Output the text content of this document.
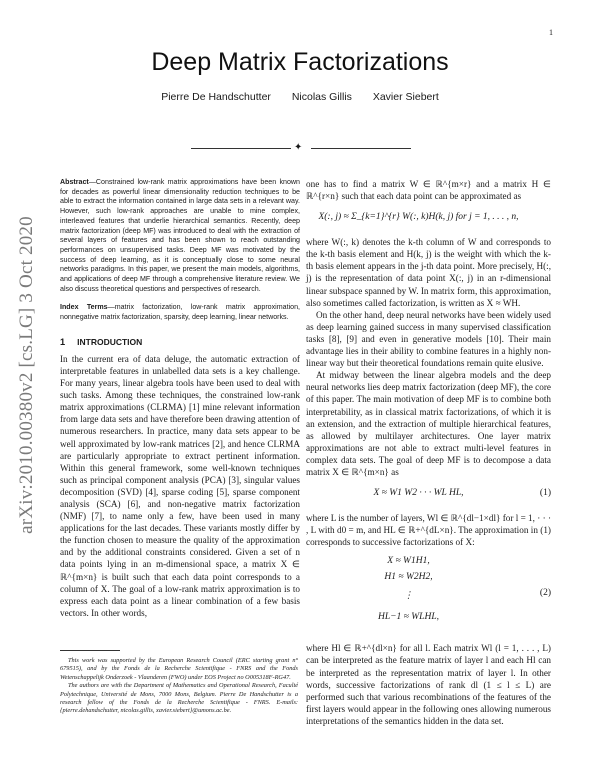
1
arXiv:2010.00380v2 [cs.LG] 3 Oct 2020
Deep Matrix Factorizations
Pierre De Handschutter Nicolas Gillis Xavier Siebert
✦
Abstract—Constrained low-rank matrix approximations have been known for decades as powerful linear dimensionality reduction techniques to be able to extract the information contained in large data sets in a relevant way. However, such low-rank approaches are unable to mine complex, interleaved features that underlie hierarchical semantics. Recently, deep matrix factorization (deep MF) was introduced to deal with the extraction of several layers of features and has been shown to reach outstanding performances on unsupervised tasks. Deep MF was motivated by the success of deep learning, as it is conceptually close to some neural networks paradigms. In this paper, we present the main models, algorithms, and applications of deep MF through a comprehensive literature review. We also discuss theoretical questions and perspectives of research.
Index Terms—matrix factorization, low-rank matrix approximation, nonnegative matrix factorization, sparsity, deep learning, linear networks.
1 INTRODUCTION

In the current era of data deluge, the automatic extraction of interpretable features in unlabelled data sets is a key challenge. For many years, linear algebra tools have been used to deal with such tasks. Among these techniques, the constrained low-rank matrix approximations (CLRMA) [1] mine relevant information from large data sets and have therefore been drawing attention of numerous researchers. In practice, many data sets appear to be well approximated by low-rank matrices [2], and hence CLRMA are particularly appropriate to extract pertinent information. Within this general framework, some well-known techniques such as principal component analysis (PCA) [3], singular values decomposition (SVD) [4], sparse coding [5], sparse component analysis (SCA) [6], and non-negative matrix factorization (NMF) [7], to name only a few, have been used in many applications for the last decades. These variants mostly differ by the function chosen to measure the quality of the approximation and by the additional constraints considered. Given a set of n data points lying in an m-dimensional space, a matrix X ∈ ℝ^{m×n} is built such that each data point corresponds to a column of X. The goal of a low-rank matrix approximation is to express each data point as a linear combination of a few basis vectors. In other words,

This work was supported by the European Research Council (ERC starting grant n° 679515), and by the Fonds de la Recherche Scientifique - FNRS and the Fonds Wetenschappelijk Onderzoek - Vlaanderen (FWO) under EOS Project no O005318F-RG47.

The authors are with the Department of Mathematics and Operational Research, Faculté Polytechnique, Université de Mons, 7000 Mons, Belgium. Pierre De Handschutter is a research fellow of the Fonds de la Recherche Scientifique - FNRS. E-mails: {pierre.dehandschutter, nicolas.gillis, xavier.siebert}@umons.ac.be.

one has to find a matrix W ∈ ℝ^{m×r} and a matrix H ∈ ℝ^{r×n} such that each data point can be approximated as

X(:, j) ≈ Σ_{k=1}^{r} W(:, k)H(k, j) for j = 1, . . . , n,

where W(:, k) denotes the k-th column of W and corresponds to the k-th basis element and H(k, j) is the weight with which the k-th basis element appears in the j-th data point. More precisely, H(:, j) is the representation of data point X(:, j) in an r-dimensional linear subspace spanned by W. In matrix form, this approximation, also sometimes called factorization, is written as X ≈ WH.

On the other hand, deep neural networks have been widely used as deep learning gained success in many supervised classification tasks [8], [9] and even in generative models [10]. Their main advantage lies in their ability to combine features in a highly non-linear way but their theoretical foundations remain quite elusive.

At midway between the linear algebra models and the deep neural networks lies deep matrix factorization (deep MF), the core of this paper. The main motivation of deep MF is to combine both interpretability, as in classical matrix factorizations, of which it is an extension, and the extraction of multiple hierarchical features, as allowed by multilayer architectures. One layer matrix approximations are not able to extract multi-level features in complex data sets. The goal of deep MF is to decompose a data matrix X ∈ ℝ^{m×n} as

X ≈ W1 W2 · · · WL HL,	(1)

where L is the number of layers, Wl ∈ ℝ^{dl−1×dl} for l = 1, · · · , L with d0 = m, and HL ∈ ℝ+^{dL×n}. The approximation in (1) corresponds to successive factorizations of X:

X ≈ W1H1,
H1 ≈ W2H2,
⋮
HL−1 ≈ WLHL,
(2)

where Hl ∈ ℝ+^{dl×n} for all l. Each matrix Wl (l = 1, . . . , L) can be interpreted as the feature matrix of layer l and each Hl can be interpreted as the representation matrix of layer l. In other words, successive factorizations of rank dl (1 ≤ l ≤ L) are performed such that various recombinations of the features of the first layers would appear in the following ones allowing numerous interpretations of the semantics hidden in the data set.
